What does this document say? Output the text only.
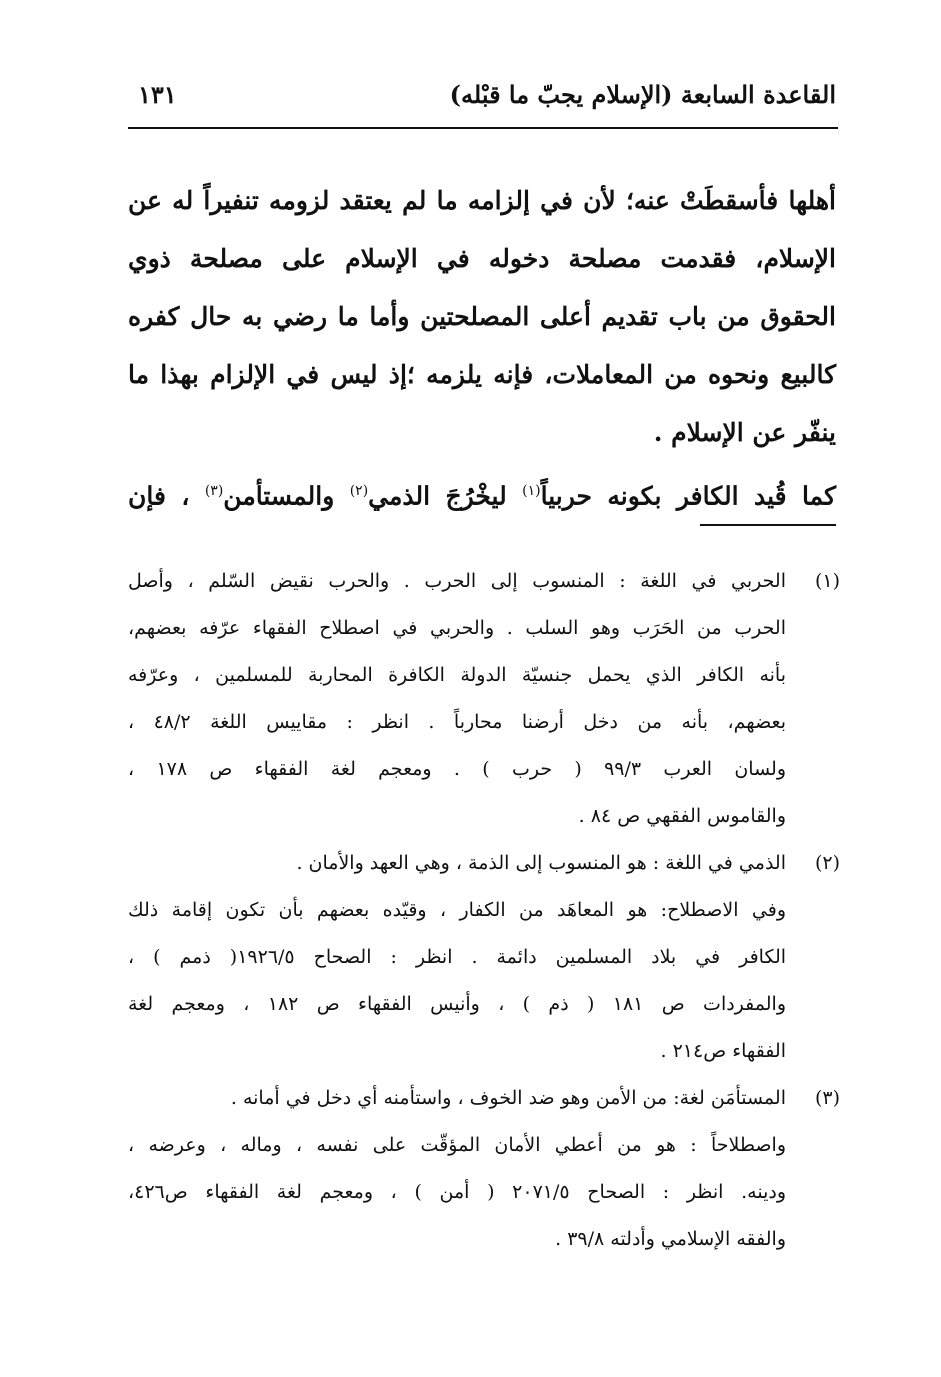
القاعدة السابعة (الإسلام يجبّ ما قبْله)
١٣١
أهلها فأسقطَتْ عنه؛ لأن في إلزامه ما لم يعتقد لزومه تنفيراً له عن
الإسلام، فقدمت مصلحة دخوله في الإسلام على مصلحة ذوي
الحقوق من باب تقديم أعلى المصلحتين وأما ما رضي به حال كفره
كالبيع ونحوه من المعاملات، فإنه يلزمه ؛إذ ليس في الإلزام بهذا ما
ينفّر عن الإسلام .
كما قُيد الكافر بكونه حربياً$^{(١)}$ ليخْرُجَ الذمي$^{(٢)}$ والمستأمن$^{(٣)}$ ، فإن
(١)الحربي في اللغة : المنسوب إلى الحرب . والحرب نقيض السّلم ، وأصل
الحرب من الحَرَب وهو السلب . والحربي في اصطلاح الفقهاء عرّفه بعضهم،
بأنه الكافر الذي يحمل جنسيّة الدولة الكافرة المحاربة للمسلمين ، وعرّفه
بعضهم، بأنه من دخل أرضنا محارباً . انظر : مقاييس اللغة ٤٨/٢ ،
ولسان العرب ٩٩/٣ ( حرب ) . ومعجم لغة الفقهاء ص ١٧٨ ،
والقاموس الفقهي ص ٨٤ .
(٢)الذمي في اللغة : هو المنسوب إلى الذمة ، وهي العهد والأمان .
وفي الاصطلاح: هو المعاهَد من الكفار ، وقيّده بعضهم بأن تكون إقامة ذلك
الكافر في بلاد المسلمين دائمة . انظر : الصحاح ١٩٢٦/٥( ذمم ) ،
والمفردات ص ١٨١ ( ذم ) ، وأنيس الفقهاء ص ١٨٢ ، ومعجم لغة
الفقهاء ص٢١٤ .
(٣)المستأمَن لغة: من الأمن وهو ضد الخوف ، واستأمنه أي دخل في أمانه .
واصطلاحاً : هو من أعطي الأمان المؤقّت على نفسه ، وماله ، وعرضه ،
ودينه. انظر : الصحاح ٢٠٧١/٥ ( أمن ) ، ومعجم لغة الفقهاء ص٤٢٦،
والفقه الإسلامي وأدلته ٣٩/٨ .
